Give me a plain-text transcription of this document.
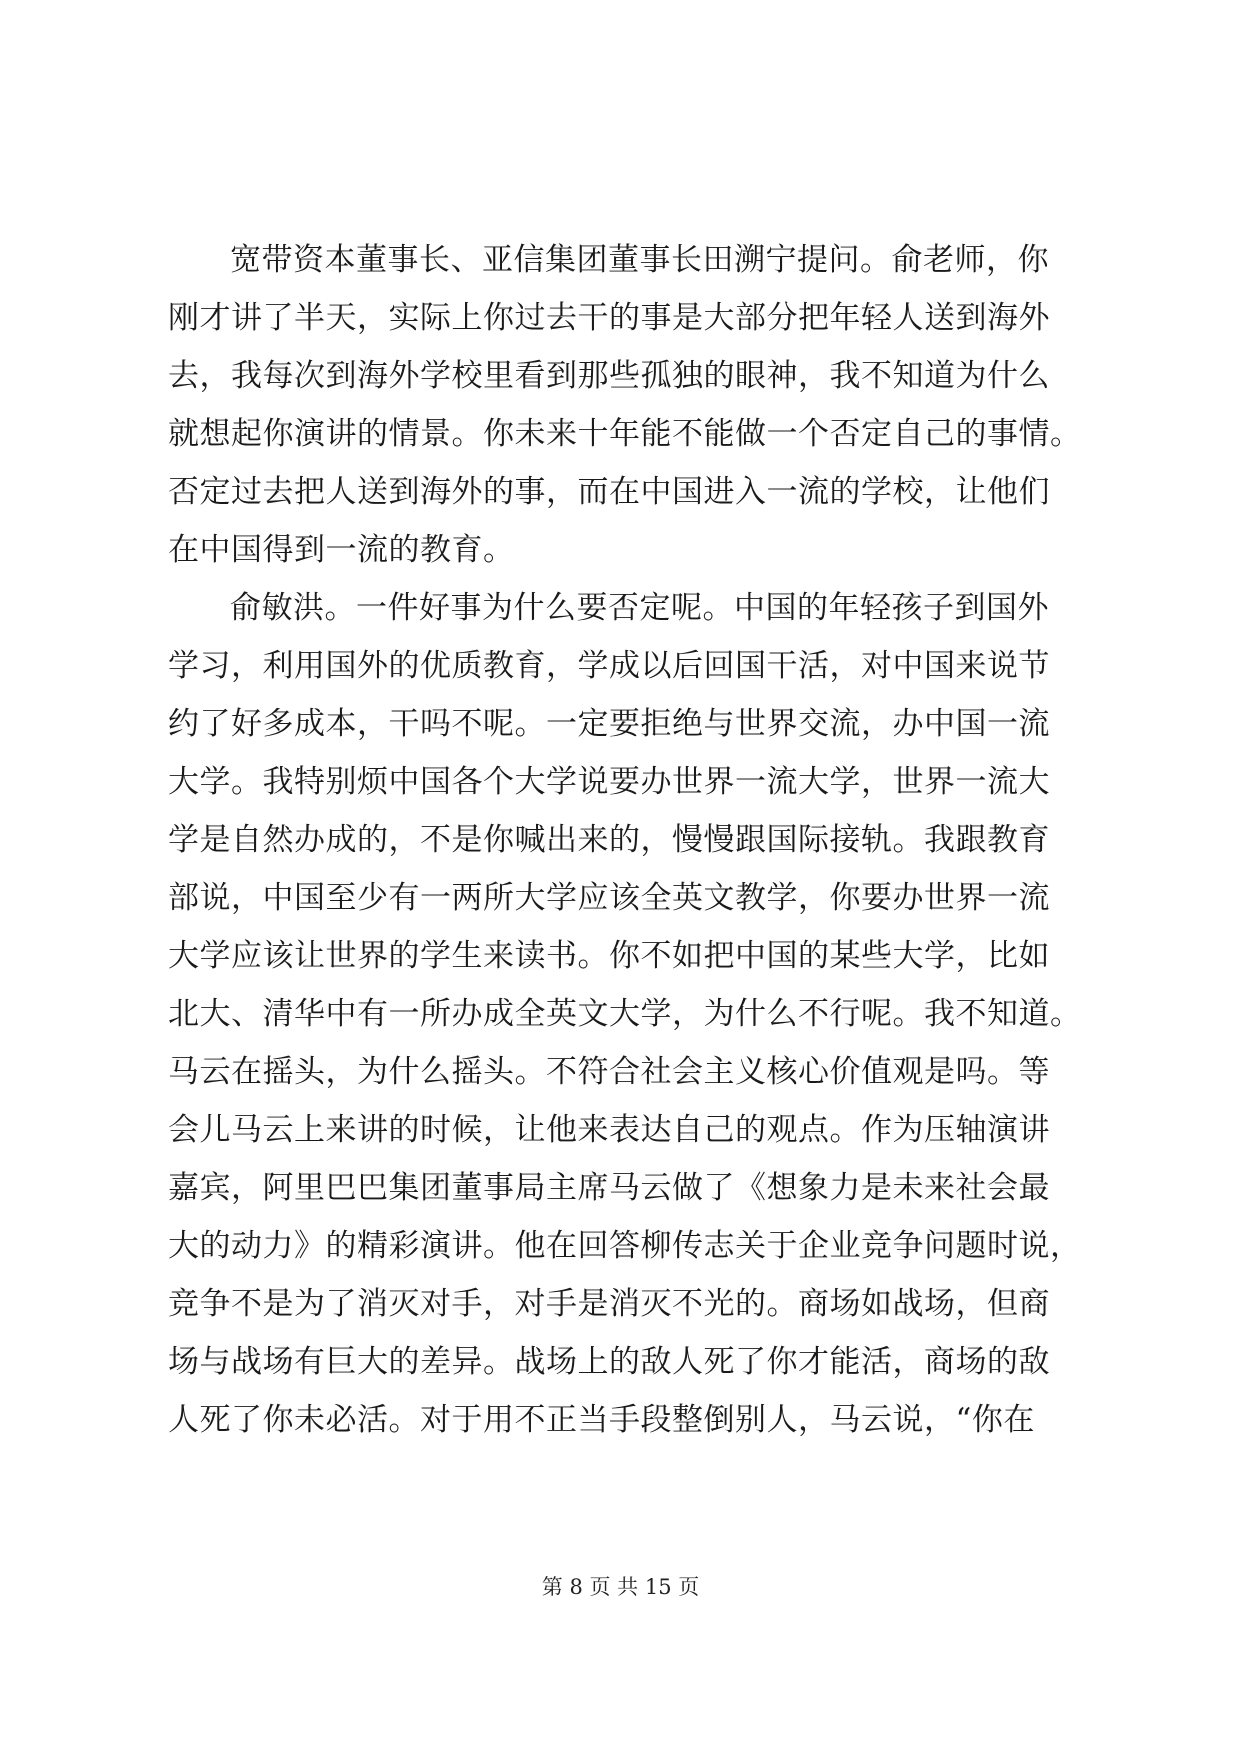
宽带资本董事长、亚信集团董事长田溯宁提问。俞老师，你
刚才讲了半天，实际上你过去干的事是大部分把年轻人送到海外
去，我每次到海外学校里看到那些孤独的眼神，我不知道为什么
就想起你演讲的情景。你未来十年能不能做一个否定自己的事情。
否定过去把人送到海外的事，而在中国进入一流的学校，让他们
在中国得到一流的教育。
俞敏洪。一件好事为什么要否定呢。中国的年轻孩子到国外
学习，利用国外的优质教育，学成以后回国干活，对中国来说节
约了好多成本，干吗不呢。一定要拒绝与世界交流，办中国一流
大学。我特别烦中国各个大学说要办世界一流大学，世界一流大
学是自然办成的，不是你喊出来的，慢慢跟国际接轨。我跟教育
部说，中国至少有一两所大学应该全英文教学，你要办世界一流
大学应该让世界的学生来读书。你不如把中国的某些大学，比如
北大、清华中有一所办成全英文大学，为什么不行呢。我不知道。
马云在摇头，为什么摇头。不符合社会主义核心价值观是吗。等
会儿马云上来讲的时候，让他来表达自己的观点。作为压轴演讲
嘉宾，阿里巴巴集团董事局主席马云做了《想象力是未来社会最
大的动力》的精彩演讲。他在回答柳传志关于企业竞争问题时说，
竞争不是为了消灭对手，对手是消灭不光的。商场如战场，但商
场与战场有巨大的差异。战场上的敌人死了你才能活，商场的敌
人死了你未必活。对于用不正当手段整倒别人，马云说，“你在
第 8 页 共 15 页
